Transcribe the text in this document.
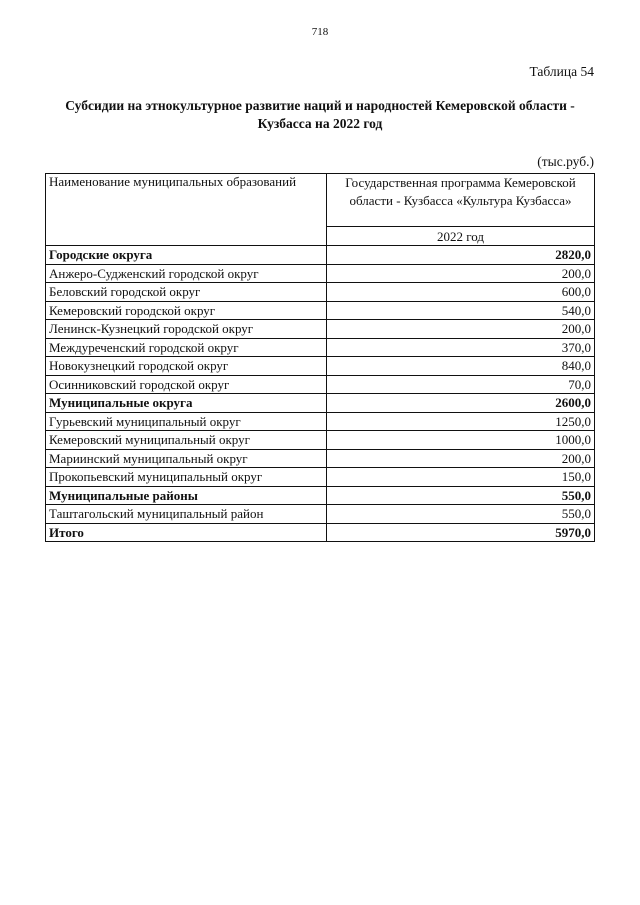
718
Таблица 54
Субсидии на этнокультурное развитие наций и народностей Кемеровской области -
Кузбасса на 2022 год
(тыс.руб.)
Наименование муниципальных образований	Государственная программа Кемеровской
области - Кузбасса «Культура Кузбасса»

	2022 год
Городские округа	2820,0
Анжеро-Судженский городской округ	200,0
Беловский городской округ	600,0
Кемеровский городской округ	540,0
Ленинск-Кузнецкий городской округ	200,0
Междуреченский городской округ	370,0
Новокузнецкий городской округ	840,0
Осинниковский городской округ	70,0
Муниципальные округа	2600,0
Гурьевский муниципальный округ	1250,0
Кемеровский муниципальный округ	1000,0
Мариинский муниципальный округ	200,0
Прокопьевский муниципальный округ	150,0
Муниципальные районы	550,0
Таштагольский муниципальный район	550,0
Итого	5970,0
